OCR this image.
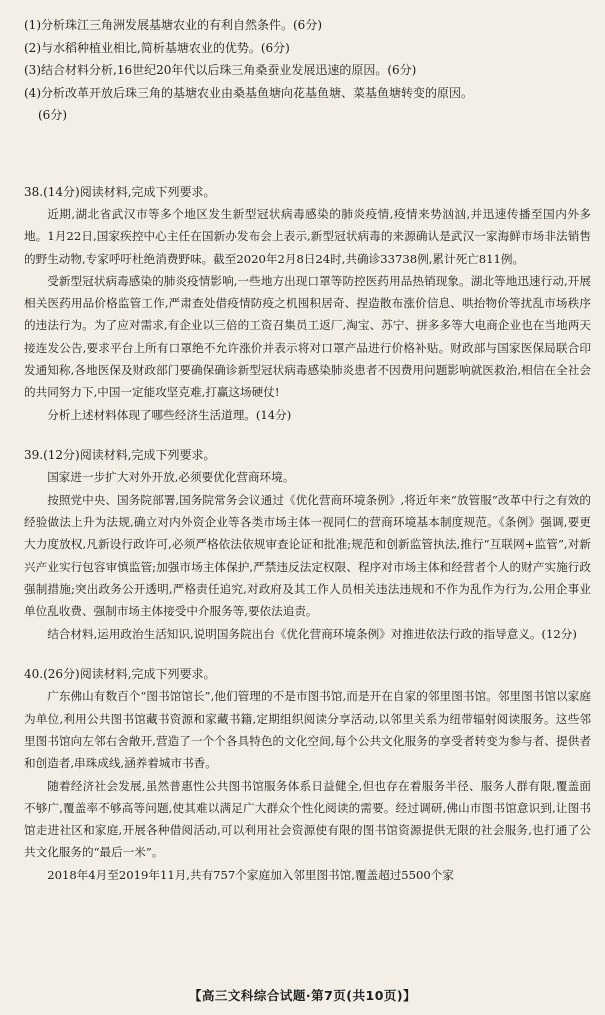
(1)分析珠江三角洲发展基塘农业的有利自然条件。(6分)
(2)与水稻种植业相比,简析基塘农业的优势。(6分)
(3)结合材料分析,16世纪20年代以后珠三角桑蚕业发展迅速的原因。(6分)
(4)分析改革开放后珠三角的基塘农业由桑基鱼塘向花基鱼塘、菜基鱼塘转变的原因。
(6分)
38.(14分)阅读材料,完成下列要求。

近期,湖北省武汉市等多个地区发生新型冠状病毒感染的肺炎疫情,疫情来势汹汹,并迅速传播至国内外多地。1月22日,国家疾控中心主任在国新办发布会上表示,新型冠状病毒的来源确认是武汉一家海鲜市场非法销售的野生动物,专家呼吁杜绝消费野味。截至2020年2月8日24时,共确诊33738例,累计死亡811例。

受新型冠状病毒感染的肺炎疫情影响,一些地方出现口罩等防控医药用品热销现象。湖北等地迅速行动,开展相关医药用品价格监管工作,严肃查处借疫情防疫之机囤积居奇、捏造散布涨价信息、哄抬物价等扰乱市场秩序的违法行为。为了应对需求,有企业以三倍的工资召集员工返厂,淘宝、苏宁、拼多多等大电商企业也在当地两天接连发公告,要求平台上所有口罩绝不允许涨价并表示将对口罩产品进行价格补贴。财政部与国家医保局联合印发通知称,各地医保及财政部门要确保确诊新型冠状病毒感染肺炎患者不因费用问题影响就医救治,相信在全社会的共同努力下,中国一定能攻坚克难,打赢这场硬仗!

分析上述材料体现了哪些经济生活道理。(14分)

39.(12分)阅读材料,完成下列要求。

国家进一步扩大对外开放,必须要优化营商环境。

按照党中央、国务院部署,国务院常务会议通过《优化营商环境条例》,将近年来“放管服”改革中行之有效的经验做法上升为法规,确立对内外资企业等各类市场主体一视同仁的营商环境基本制度规范。《条例》强调,要更大力度放权,凡新设行政许可,必须严格依法依规审查论证和批准;规范和创新监管执法,推行“互联网+监管”,对新兴产业实行包容审慎监管;加强市场主体保护,严禁违反法定权限、程序对市场主体和经营者个人的财产实施行政强制措施;突出政务公开透明,严格责任追究,对政府及其工作人员相关违法违规和不作为乱作为行为,公用企事业单位乱收费、强制市场主体接受中介服务等,要依法追责。

结合材料,运用政治生活知识,说明国务院出台《优化营商环境条例》对推进依法行政的指导意义。(12分)

40.(26分)阅读材料,完成下列要求。

广东佛山有数百个“图书馆馆长”,他们管理的不是市图书馆,而是开在自家的邻里图书馆。邻里图书馆以家庭为单位,利用公共图书馆藏书资源和家藏书籍,定期组织阅读分享活动,以邻里关系为纽带辐射阅读服务。这些邻里图书馆向左邻右舍敞开,营造了一个个各具特色的文化空间,每个公共文化服务的享受者转变为参与者、提供者和创造者,串珠成线,涵养着城市书香。

随着经济社会发展,虽然普惠性公共图书馆服务体系日益健全,但也存在着服务半径、服务人群有限,覆盖面不够广,覆盖率不够高等问题,使其难以满足广大群众个性化阅读的需要。经过调研,佛山市图书馆意识到,让图书馆走进社区和家庭,开展各种借阅活动,可以利用社会资源使有限的图书馆资源提供无限的社会服务,也打通了公共文化服务的“最后一米”。

2018年4月至2019年11月,共有757个家庭加入邻里图书馆,覆盖超过5500个家

【高三文科综合试题·第7页(共10页)】
